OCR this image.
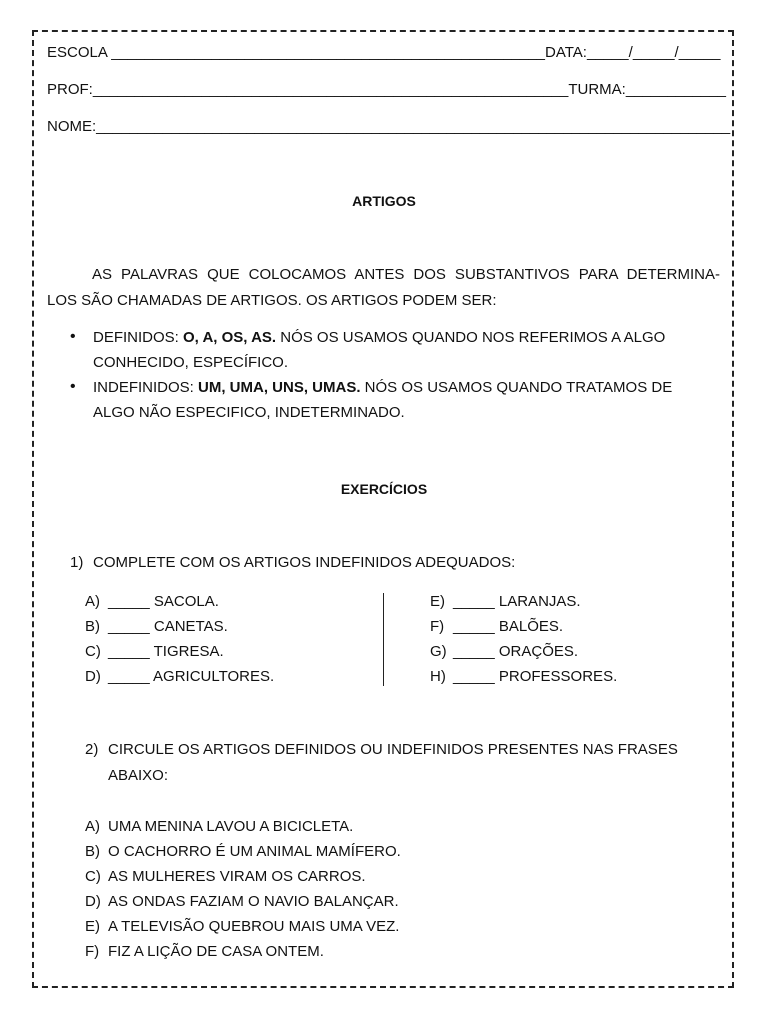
ESCOLA ____________________________________________________DATA:_____/_____/_____
PROF:_________________________________________________________TURMA:____________
NOME:____________________________________________________________________________
ARTIGOS
AS PALAVRAS QUE COLOCAMOS ANTES DOS SUBSTANTIVOS PARA DETERMINA-
LOS SÃO CHAMADAS DE ARTIGOS. OS ARTIGOS PODEM SER:
• DEFINIDOS: O, A, OS, AS. NÓS OS USAMOS QUANDO NOS REFERIMOS A ALGO
CONHECIDO, ESPECÍFICO.
• INDEFINIDOS: UM, UMA, UNS, UMAS. NÓS OS USAMOS QUANDO TRATAMOS DE
ALGO NÃO ESPECIFICO, INDETERMINADO.
EXERCÍCIOS
1) COMPLETE COM OS ARTIGOS INDEFINIDOS ADEQUADOS:
A) _____ SACOLA.
B) _____ CANETAS.
C) _____ TIGRESA.
D) _____ AGRICULTORES.
E) _____ LARANJAS.
F) _____ BALÕES.
G) _____ ORAÇÕES.
H) _____ PROFESSORES.
2) CIRCULE OS ARTIGOS DEFINIDOS OU INDEFINIDOS PRESENTES NAS FRASES
ABAIXO:
A) UMA MENINA LAVOU A BICICLETA.
B) O CACHORRO É UM ANIMAL MAMÍFERO.
C) AS MULHERES VIRAM OS CARROS.
D) AS ONDAS FAZIAM O NAVIO BALANÇAR.
E) A TELEVISÃO QUEBROU MAIS UMA VEZ.
F) FIZ A LIÇÃO DE CASA ONTEM.
